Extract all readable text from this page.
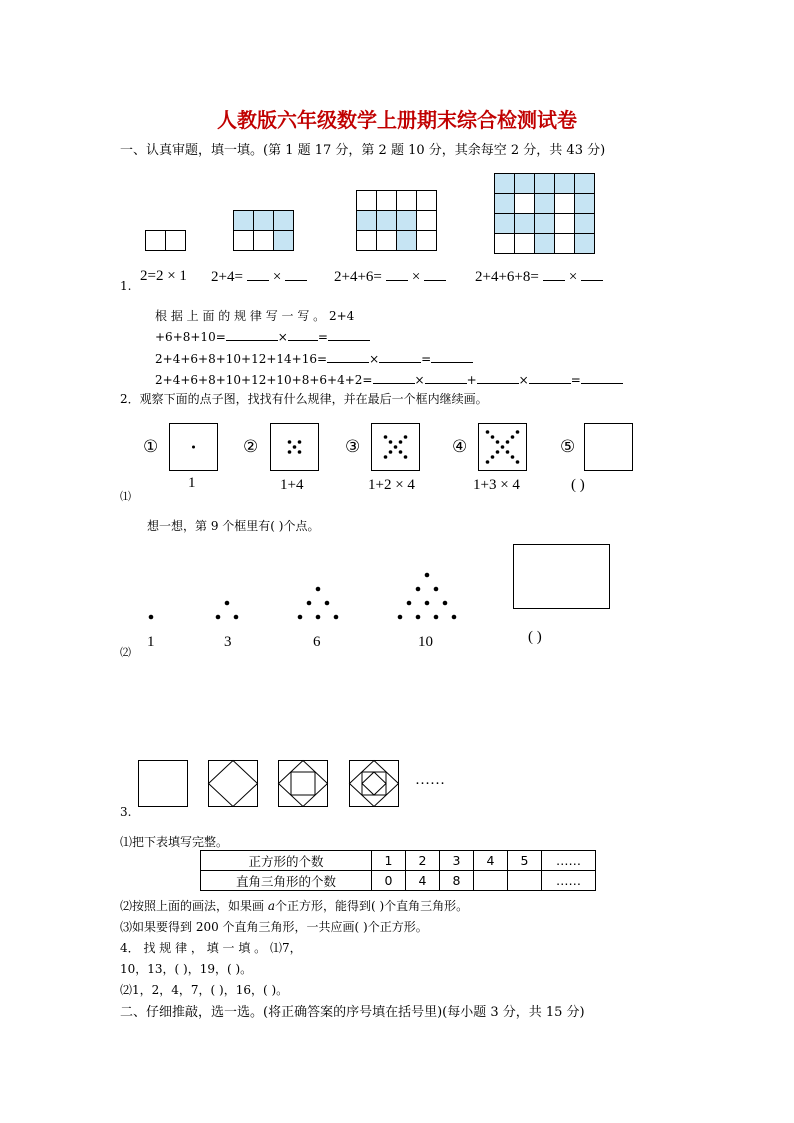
人教版六年级数学上册期末综合检测试卷
一、认真审题，填一填。(第 1 题 17 分，第 2 题 10 分，其余每空 2 分，共 43 分)
1.
2=2 × 1 2+4= ×	2+4+6= ×	2+4+6+8= ×
根 据 上 面 的 规 律 写 一 写 。 2+4
+6+8+10=	×	=
2+4+6+8+10+12+14+16=	×	=
2+4+6+8+10+12+10+8+6+4+2=	×	+	×	=
2．观察下面的点子图，找找有什么规律，并在最后一个框内继续画。
①	②	③	④	⑤
1	1+4	1+2 × 4	1+3 × 4	( )
⑴
想一想，第 9 个框里有( )个点。
1	3	6	10	( )
⑵
3.
……
⑴把下表填写完整。
正方形的个数	1	2	3	4	5	……
直角三角形的个数	0	4	8			……
⑵按照上面的画法，如果画 a个正方形，能得到( )个直角三角形。
⑶如果要得到 200 个直角三角形，一共应画( )个正方形。
4． 找 规 律 ， 填 一 填 。 ⑴7，
10，13，( )，19，( )。
⑵1，2，4，7，( )，16，( )。
二、仔细推敲，选一选。(将正确答案的序号填在括号里)(每小题 3 分，共 15 分)
